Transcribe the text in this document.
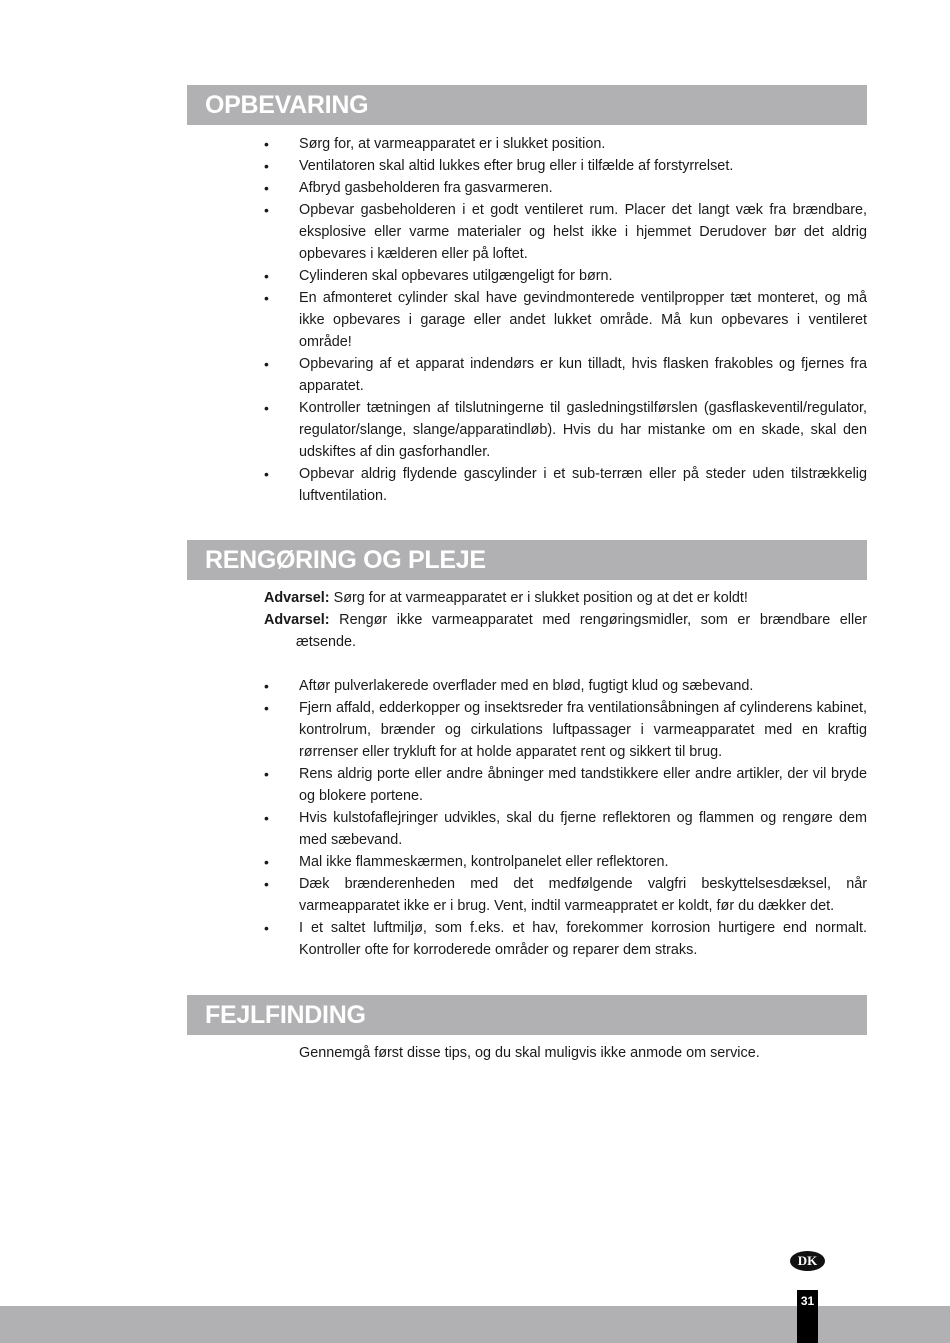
OPBEVARING
• Sørg for, at varmeapparatet er i slukket position.
• Ventilatoren skal altid lukkes efter brug eller i tilfælde af forstyrrelset.
• Afbryd gasbeholderen fra gasvarmeren.
• Opbevar gasbeholderen i et godt ventileret rum. Placer det langt væk fra brændbare, eksplosive eller varme materialer og helst ikke i hjemmet Derudover bør det aldrig opbevares i kælderen eller på loftet.
• Cylinderen skal opbevares utilgængeligt for børn.
• En afmonteret cylinder skal have gevindmonterede ventilpropper tæt monteret, og må ikke opbevares i garage eller andet lukket område. Må kun opbevares i ventileret område!
• Opbevaring af et apparat indendørs er kun tilladt, hvis flasken frakobles og fjernes fra apparatet.
• Kontroller tætningen af tilslutningerne til gasledningstilførslen (gasflaskeventil/regulator, regulator/slange, slange/apparatindløb). Hvis du har mistanke om en skade, skal den udskiftes af din gasforhandler.
• Opbevar aldrig flydende gascylinder i et sub-terræn eller på steder uden tilstrækkelig luftventilation.
RENGØRING OG PLEJE
Advarsel: Sørg for at varmeapparatet er i slukket position og at det er koldt!
Advarsel: Rengør ikke varmeapparatet med rengøringsmidler, som er brændbare eller ætsende.
• Aftør pulverlakerede overflader med en blød, fugtigt klud og sæbevand.
• Fjern affald, edderkopper og insektsreder fra ventilationsåbningen af cylinderens kabinet, kontrolrum, brænder og cirkulations luftpassager i varmeapparatet med en kraftig rørrenser eller trykluft for at holde apparatet rent og sikkert til brug.
• Rens aldrig porte eller andre åbninger med tandstikkere eller andre artikler, der vil bryde og blokere portene.
• Hvis kulstofaflejringer udvikles, skal du fjerne reflektoren og flammen og rengøre dem med sæbevand.
• Mal ikke flammeskærmen, kontrolpanelet eller reflektoren.
• Dæk brænderenheden med det medfølgende valgfri beskyttelsesdæksel, når varmeapparatet ikke er i brug. Vent, indtil varmeappratet er koldt, før du dækker det.
• I et saltet luftmiljø, som f.eks. et hav, forekommer korrosion hurtigere end normalt. Kontroller ofte for korroderede områder og reparer dem straks.
FEJLFINDING
Gennemgå først disse tips, og du skal muligvis ikke anmode om service.
DK
31
